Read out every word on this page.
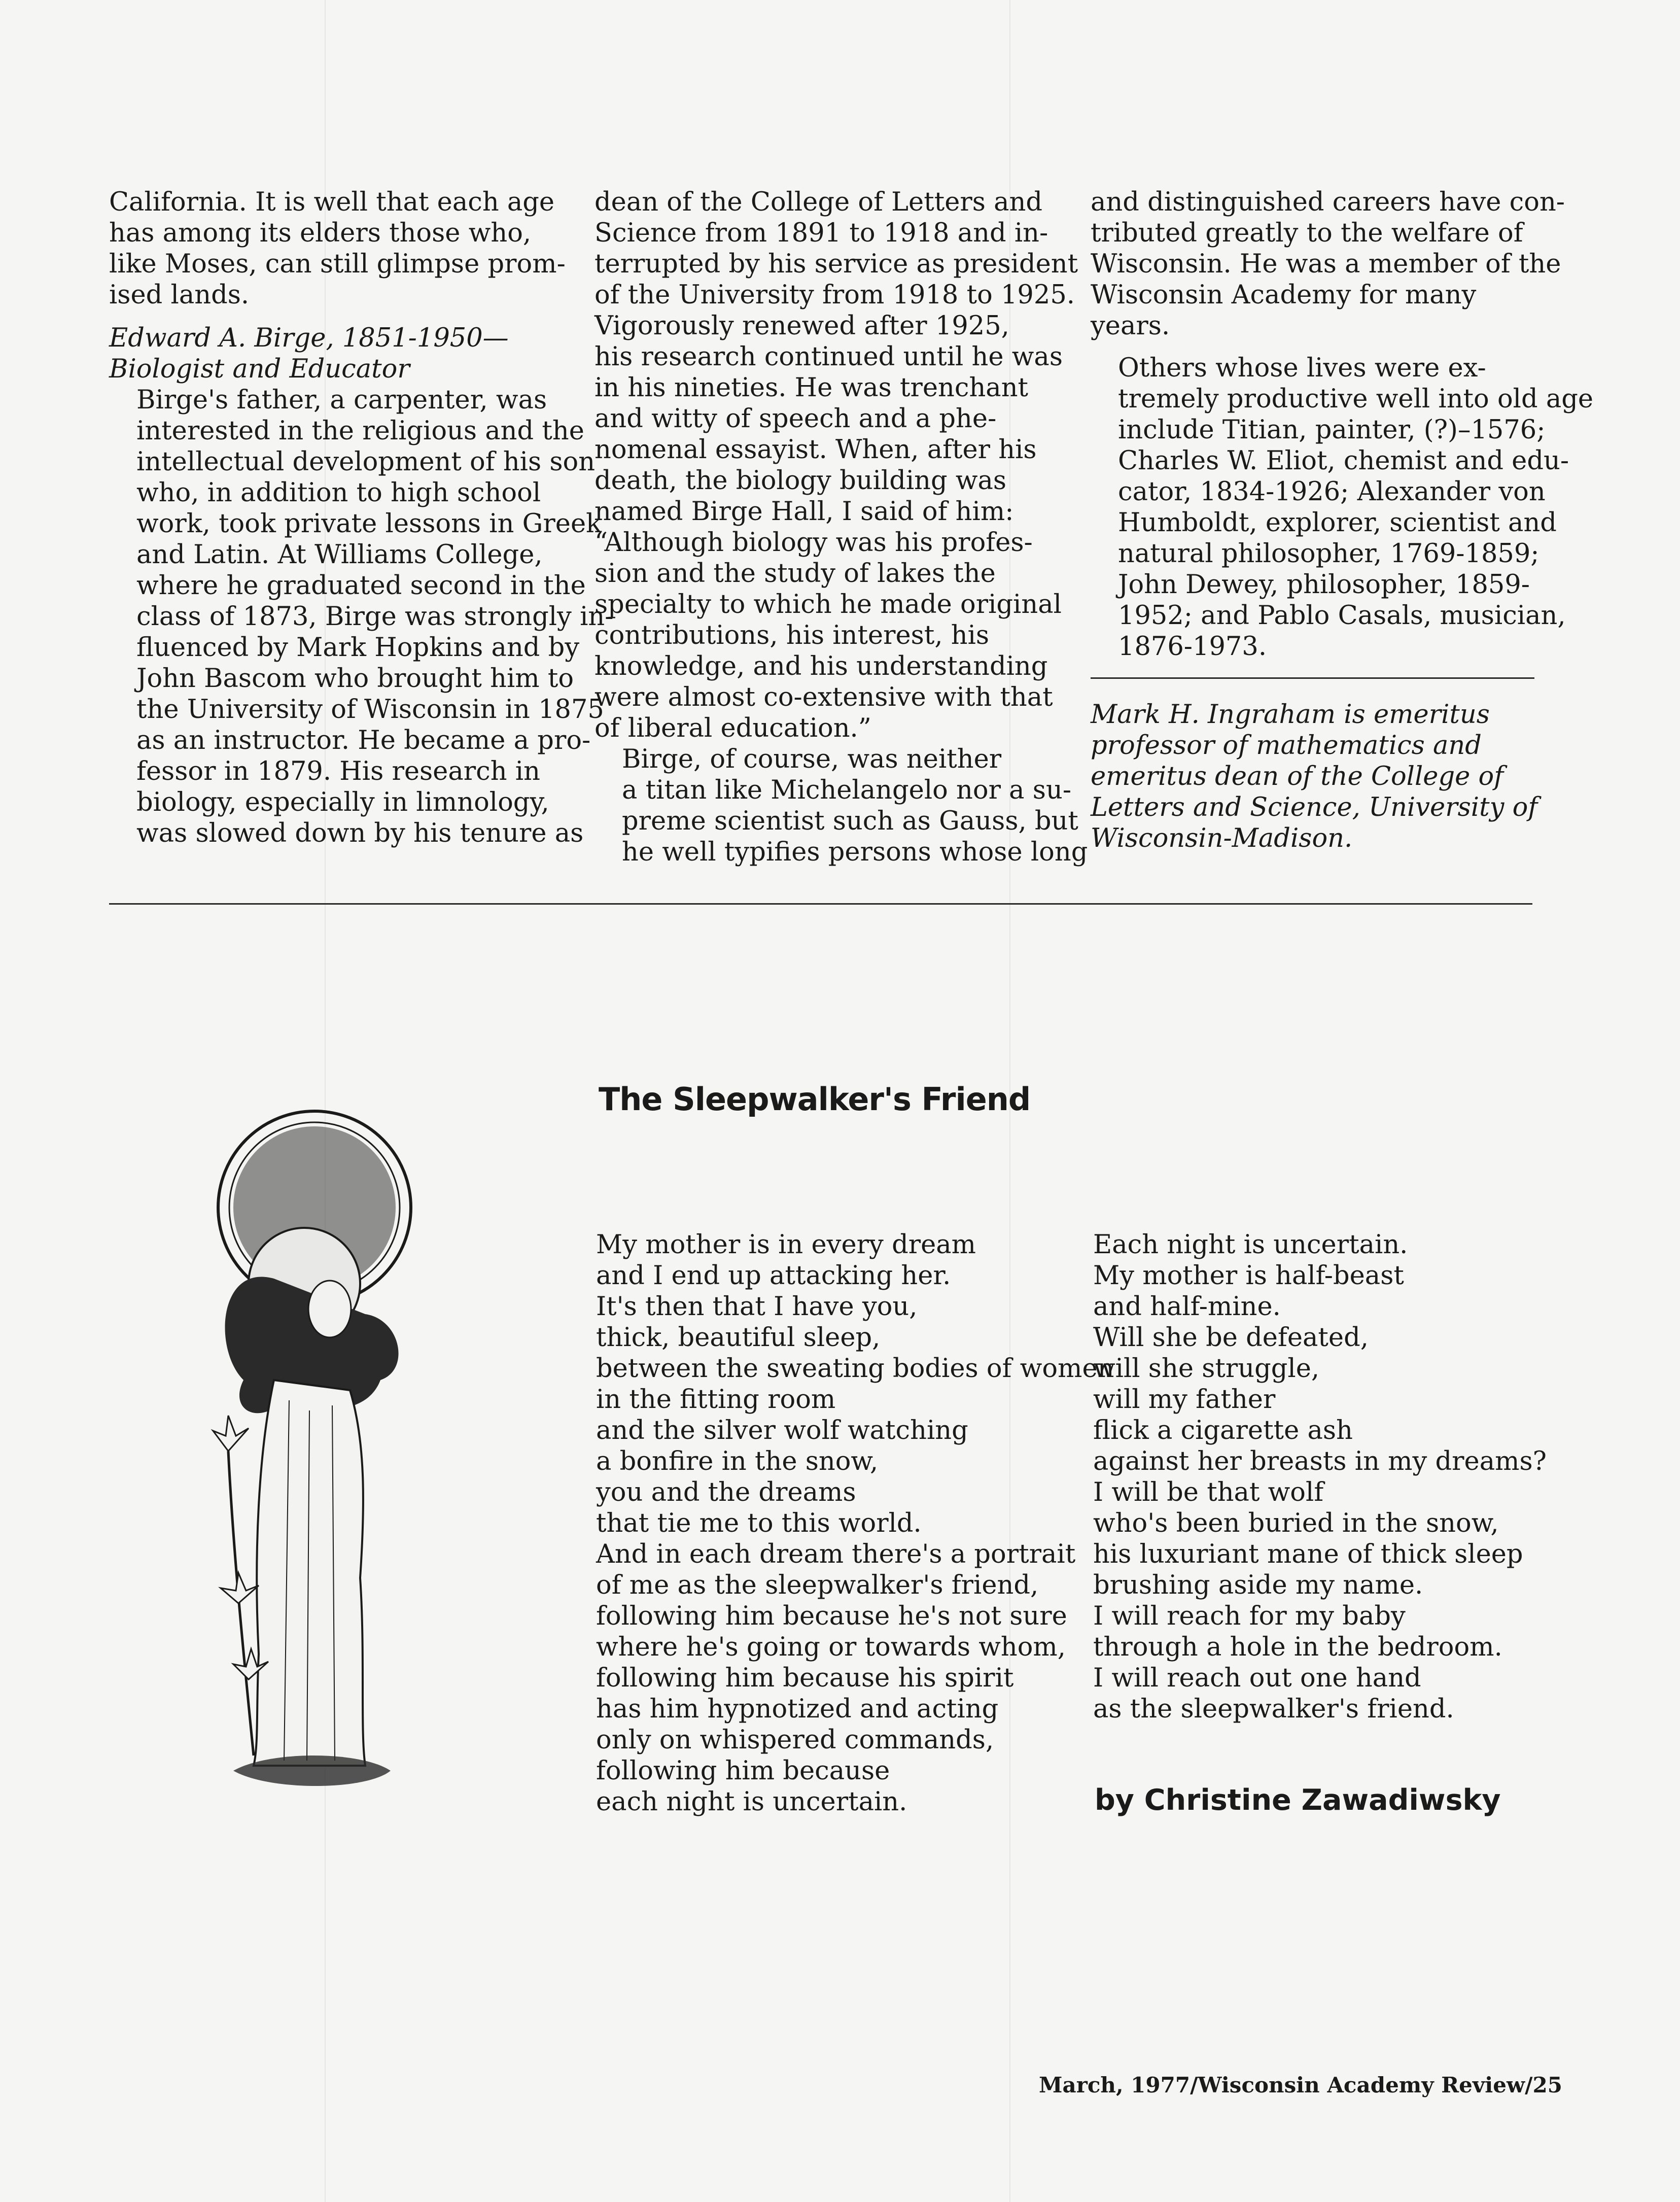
California. It is well that each age
has among its elders those who,
like Moses, can still glimpse prom-
ised lands.

Edward A. Birge, 1851-1950—
Biologist and Educator

Birge's father, a carpenter, was
interested in the religious and the
intellectual development of his son
who, in addition to high school
work, took private lessons in Greek
and Latin. At Williams College,
where he graduated second in the
class of 1873, Birge was strongly in-
fluenced by Mark Hopkins and by
John Bascom who brought him to
the University of Wisconsin in 1875
as an instructor. He became a pro-
fessor in 1879. His research in
biology, especially in limnology,
was slowed down by his tenure as

dean of the College of Letters and
Science from 1891 to 1918 and in-
terrupted by his service as president
of the University from 1918 to 1925.
Vigorously renewed after 1925,
his research continued until he was
in his nineties. He was trenchant
and witty of speech and a phe-
nomenal essayist. When, after his
death, the biology building was
named Birge Hall, I said of him:
“Although biology was his profes-
sion and the study of lakes the
specialty to which he made original
contributions, his interest, his
knowledge, and his understanding
were almost co-extensive with that
of liberal education.”

Birge, of course, was neither
a titan like Michelangelo nor a su-
preme scientist such as Gauss, but
he well typifies persons whose long

and distinguished careers have con-
tributed greatly to the welfare of
Wisconsin. He was a member of the
Wisconsin Academy for many
years.

Others whose lives were ex-
tremely productive well into old age
include Titian, painter, (?)–1576;
Charles W. Eliot, chemist and edu-
cator, 1834-1926; Alexander von
Humboldt, explorer, scientist and
natural philosopher, 1769-1859;
John Dewey, philosopher, 1859-
1952; and Pablo Casals, musician,
1876-1973.

Mark H. Ingraham is emeritus
professor of mathematics and
emeritus dean of the College of
Letters and Science, University of
Wisconsin-Madison.

The Sleepwalker's Friend

My mother is in every dream
and I end up attacking her.
It's then that I have you,
thick, beautiful sleep,
between the sweating bodies of women
in the fitting room
and the silver wolf watching
a bonfire in the snow,
you and the dreams
that tie me to this world.
And in each dream there's a portrait
of me as the sleepwalker's friend,
following him because he's not sure
where he's going or towards whom,
following him because his spirit
has him hypnotized and acting
only on whispered commands,
following him because
each night is uncertain.

Each night is uncertain.
My mother is half-beast
and half-mine.
Will she be defeated,
will she struggle,
will my father
flick a cigarette ash
against her breasts in my dreams?
I will be that wolf
who's been buried in the snow,
his luxuriant mane of thick sleep
brushing aside my name.
I will reach for my baby
through a hole in the bedroom.
I will reach out one hand
as the sleepwalker's friend.

by Christine Zawadiwsky
March, 1977/Wisconsin Academy Review/25
